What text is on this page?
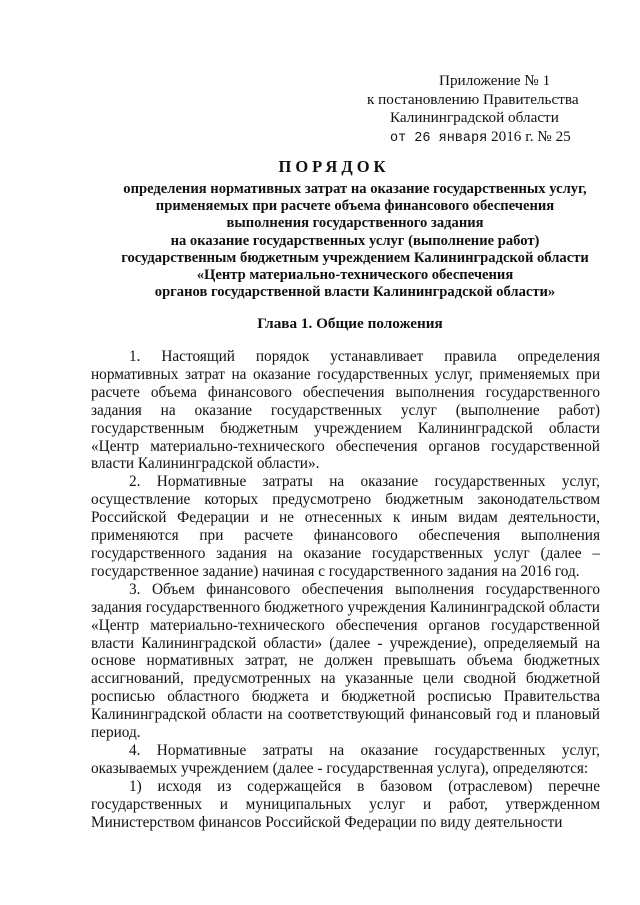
Приложение № 1
к постановлению Правительства
Калининградской области
от 26 января 2016 г. № 25
ПОРЯДОК
определения нормативных затрат на оказание государственных услуг,
применяемых при расчете объема финансового обеспечения
выполнения государственного задания
на оказание государственных услуг (выполнение работ)
государственным бюджетным учреждением Калининградской области
«Центр материально-технического обеспечения
органов государственной власти Калининградской области»
Глава 1. Общие положения

1. Настоящий порядок устанавливает правила определения нормативных затрат на оказание государственных услуг, применяемых при расчете объема финансового обеспечения выполнения государственного задания на оказание государственных услуг (выполнение работ) государственным бюджетным учреждением Калининградской области «Центр материально-технического обеспечения органов государственной власти Калининградской области».

2. Нормативные затраты на оказание государственных услуг, осуществление которых предусмотрено бюджетным законодательством Российской Федерации и не отнесенных к иным видам деятельности, применяются при расчете финансового обеспечения выполнения государственного задания на оказание государственных услуг (далее – государственное задание) начиная с государственного задания на 2016 год.

3. Объем финансового обеспечения выполнения государственного задания государственного бюджетного учреждения Калининградской области «Центр материально-технического обеспечения органов государственной власти Калининградской области» (далее - учреждение), определяемый на основе нормативных затрат, не должен превышать объема бюджетных ассигнований, предусмотренных на указанные цели сводной бюджетной росписью областного бюджета и бюджетной росписью Правительства Калининградской области на соответствующий финансовый год и плановый период.

4. Нормативные затраты на оказание государственных услуг, оказываемых учреждением (далее - государственная услуга), определяются:

1) исходя из содержащейся в базовом (отраслевом) перечне государственных и муниципальных услуг и работ, утвержденном Министерством финансов Российской Федерации по виду деятельности
